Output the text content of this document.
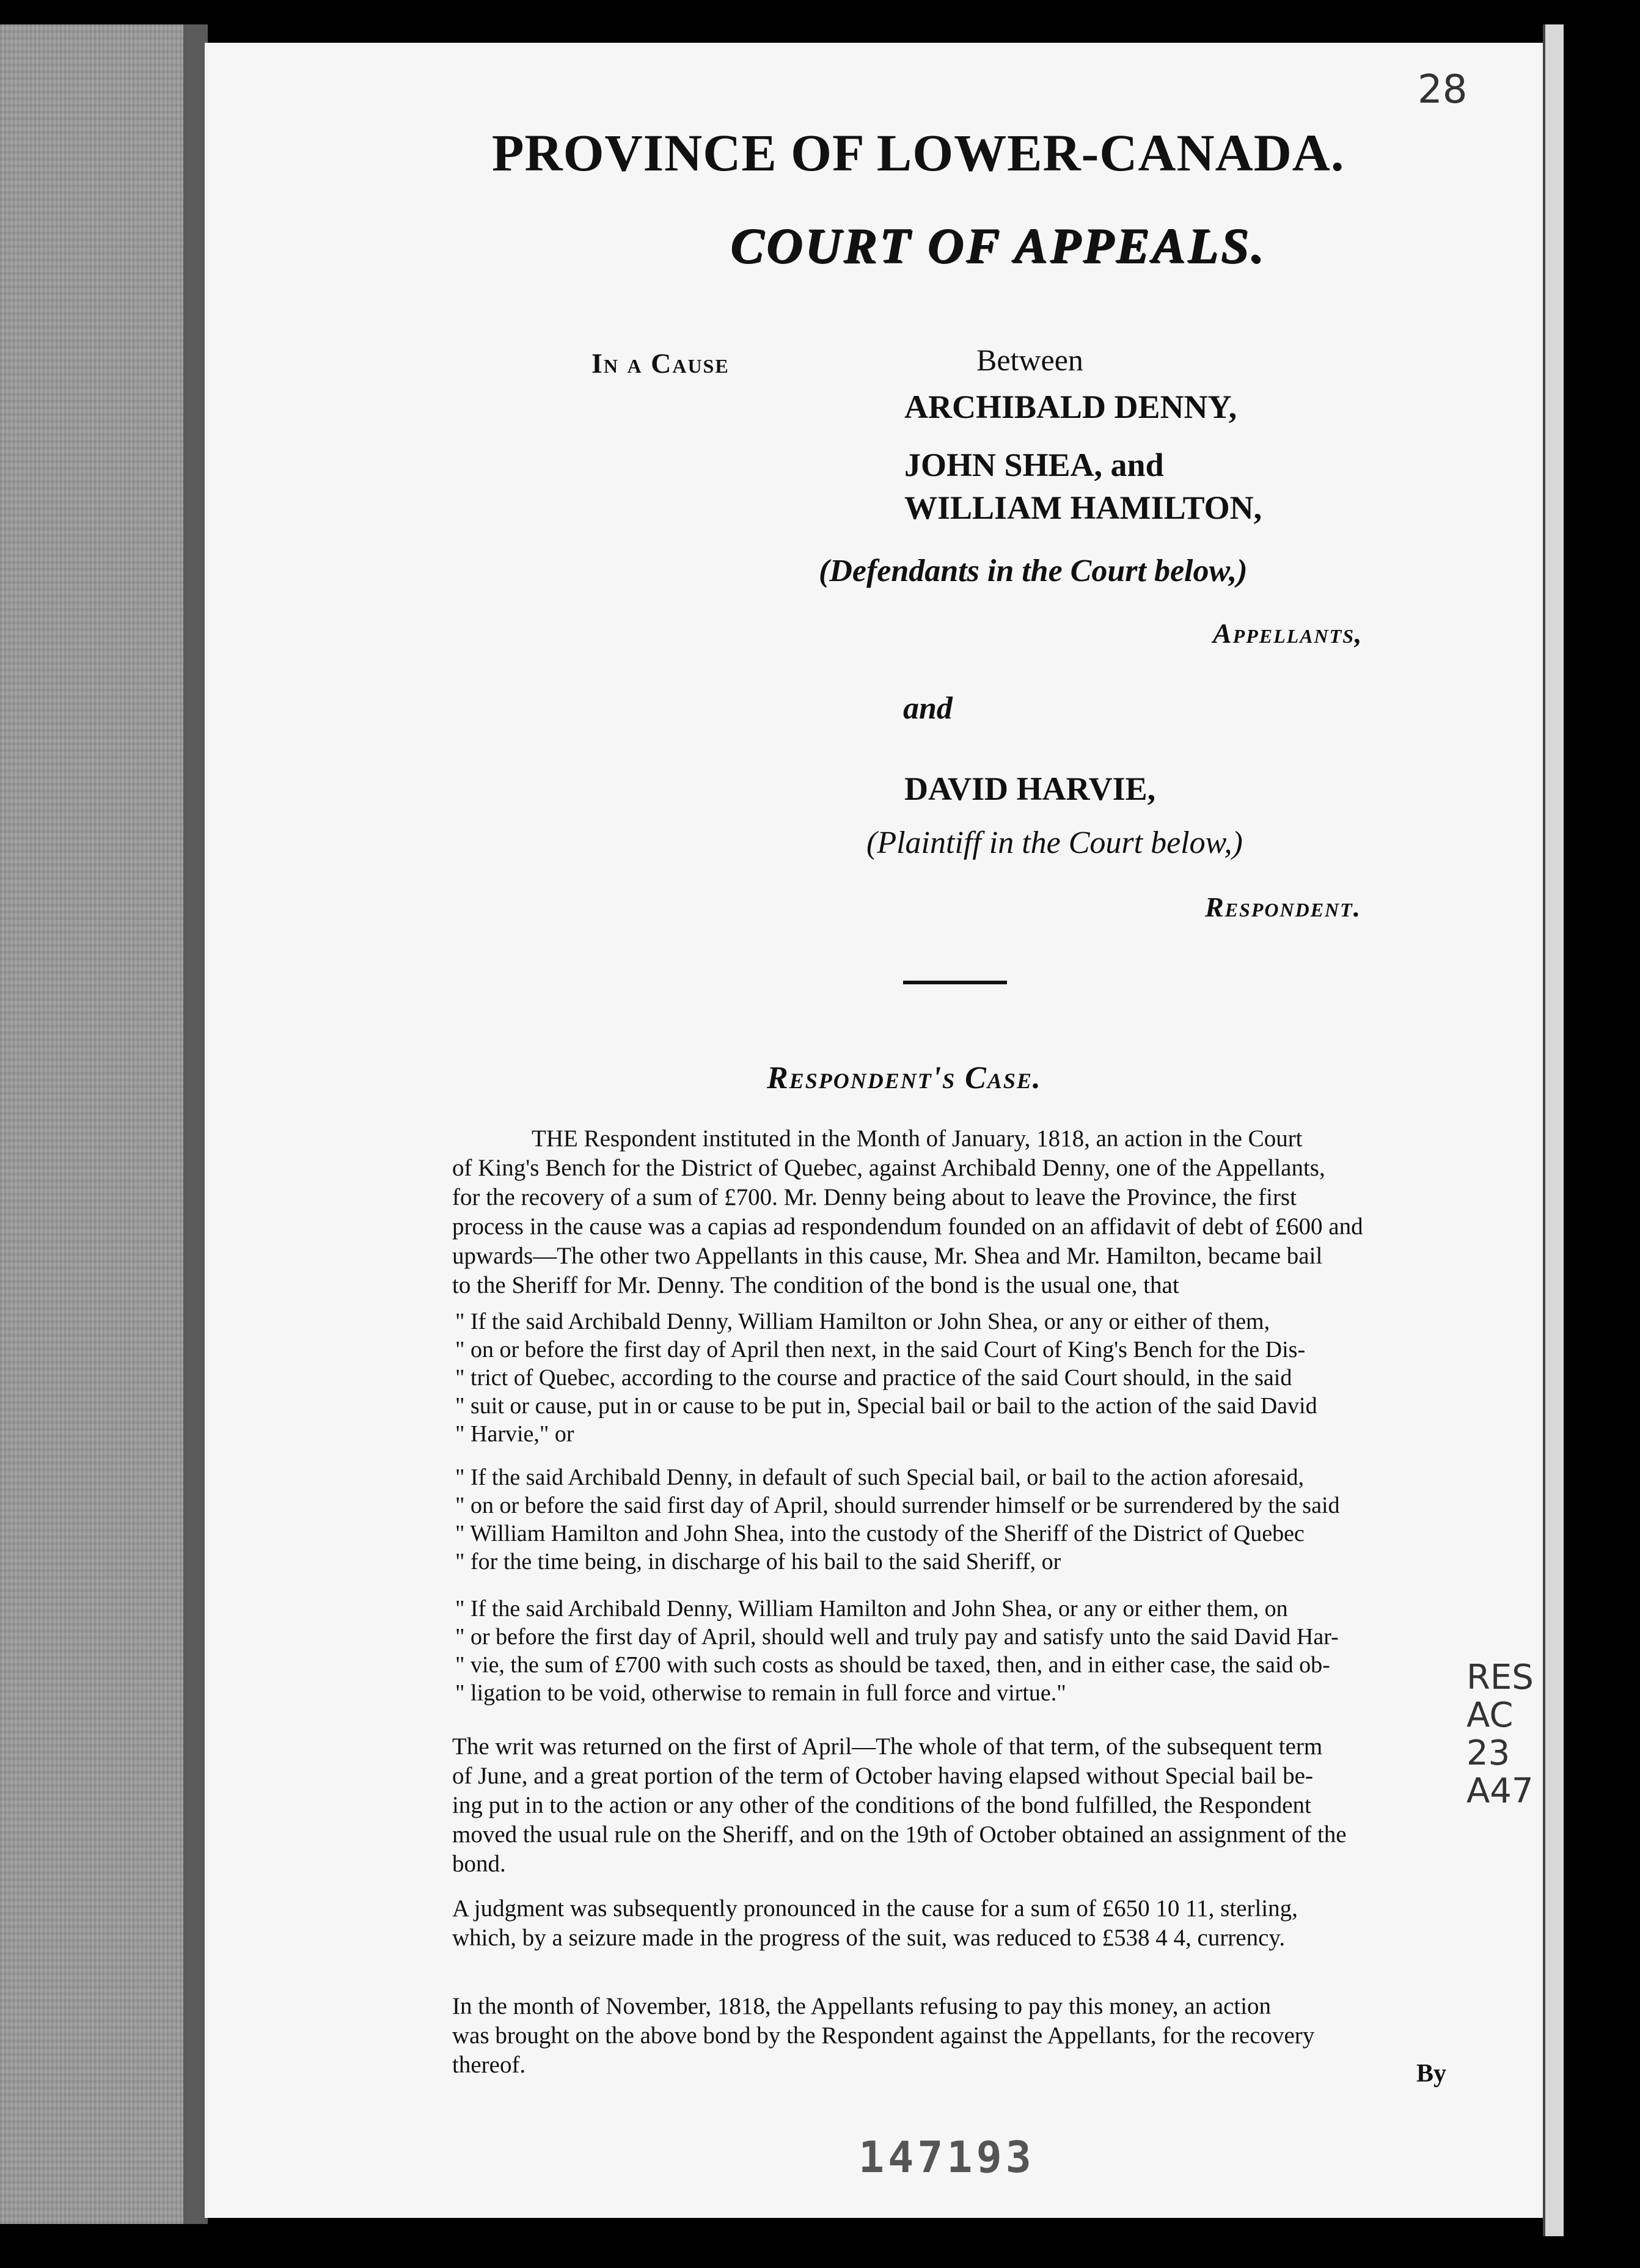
28
PROVINCE OF LOWER-CANADA.
COURT OF APPEALS.
In a Cause	Between
ARCHIBALD DENNY,
JOHN SHEA, and
WILLIAM HAMILTON,
(Defendants in the Court below,)
Appellants,
and
DAVID HARVIE,
(Plaintiff in the Court below,)
Respondent.
Respondent's Case.
THE Respondent instituted in the Month of January, 1818, an action in the Court
of King's Bench for the District of Quebec, against Archibald Denny, one of the Appellants,
for the recovery of a sum of £700. Mr. Denny being about to leave the Province, the first
process in the cause was a capias ad respondendum founded on an affidavit of debt of £600 and
upwards—The other two Appellants in this cause, Mr. Shea and Mr. Hamilton, became bail
to the Sheriff for Mr. Denny. The condition of the bond is the usual one, that
" If the said Archibald Denny, William Hamilton or John Shea, or any or either of them,
" on or before the first day of April then next, in the said Court of King's Bench for the Dis-
" trict of Quebec, according to the course and practice of the said Court should, in the said
" suit or cause, put in or cause to be put in, Special bail or bail to the action of the said David
" Harvie," or
" If the said Archibald Denny, in default of such Special bail, or bail to the action aforesaid,
" on or before the said first day of April, should surrender himself or be surrendered by the said
" William Hamilton and John Shea, into the custody of the Sheriff of the District of Quebec
" for the time being, in discharge of his bail to the said Sheriff, or
" If the said Archibald Denny, William Hamilton and John Shea, or any or either them, on
" or before the first day of April, should well and truly pay and satisfy unto the said David Har-
" vie, the sum of £700 with such costs as should be taxed, then, and in either case, the said ob-
" ligation to be void, otherwise to remain in full force and virtue."
The writ was returned on the first of April—The whole of that term, of the subsequent term
of June, and a great portion of the term of October having elapsed without Special bail be-
ing put in to the action or any other of the conditions of the bond fulfilled, the Respondent
moved the usual rule on the Sheriff, and on the 19th of October obtained an assignment of the
bond.
A judgment was subsequently pronounced in the cause for a sum of £650 10 11, sterling,
which, by a seizure made in the progress of the suit, was reduced to £538 4 4, currency.
In the month of November, 1818, the Appellants refusing to pay this money, an action
was brought on the above bond by the Respondent against the Appellants, for the recovery
thereof.	By
RES
AC
23
A47
147193
